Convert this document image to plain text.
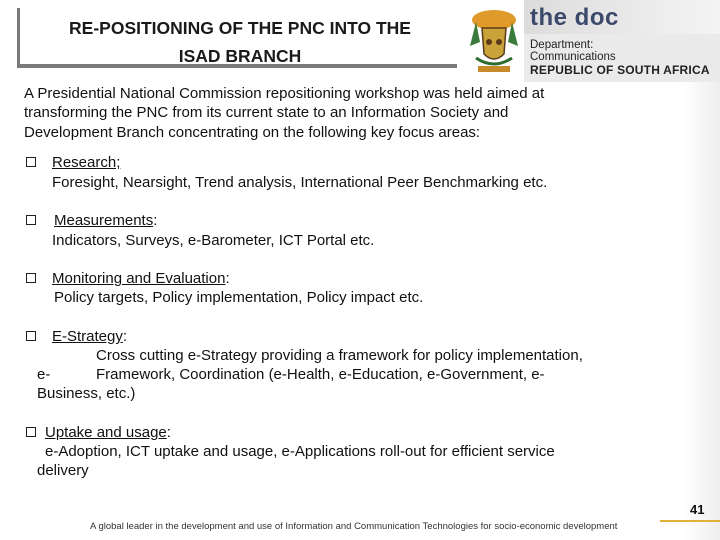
RE-POSITIONING OF THE PNC INTO THE
ISAD BRANCH
the doc
Department:
Communications
REPUBLIC OF SOUTH AFRICA
A Presidential National Commission repositioning workshop was held aimed at
transforming the PNC from its current state to an Information Society and
Development Branch concentrating on the following key focus areas:
Research;
Foresight, Nearsight, Trend analysis, International Peer Benchmarking etc.
Measurements:
Indicators, Surveys, e-Barometer, ICT Portal etc.
Monitoring and Evaluation:
Policy targets, Policy implementation, Policy impact etc.
E-Strategy:
Cross cutting e-Strategy providing a framework for policy implementation,
e-	Framework, Coordination (e-Health, e-Education, e-Government, e-
Business, etc.)
Uptake and usage:
e-Adoption, ICT uptake and usage, e-Applications roll-out for efficient service
delivery
41
A global leader in the development and use of Information and Communication Technologies for socio-economic development
